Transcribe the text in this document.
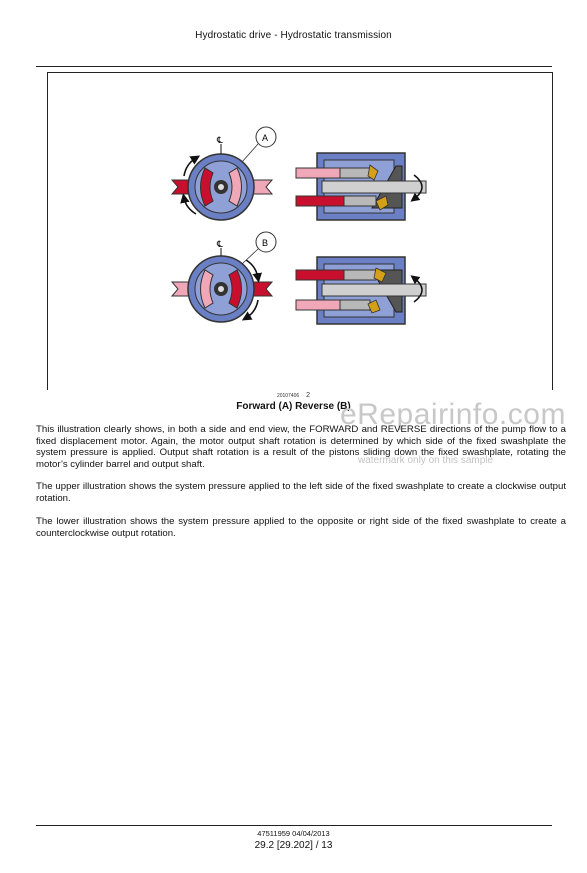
Hydrostatic drive - Hydrostatic transmission
℄	A
℄	B
20107406 2
Forward (A) Reverse (B)
eRepairinfo.com
watermark only on this sample
This illustration clearly shows, in both a side and end view, the FORWARD and REVERSE directions of the pump flow to a fixed displacement motor. Again, the motor output shaft rotation is determined by which side of the fixed swashplate the system pressure is applied. Output shaft rotation is a result of the pistons sliding down the fixed swashplate, rotating the motor’s cylinder barrel and output shaft.
The upper illustration shows the system pressure applied to the left side of the fixed swashplate to create a clockwise output rotation.
The lower illustration shows the system pressure applied to the opposite or right side of the fixed swashplate to create a counterclockwise output rotation.
47511959 04/04/2013
29.2 [29.202] / 13
